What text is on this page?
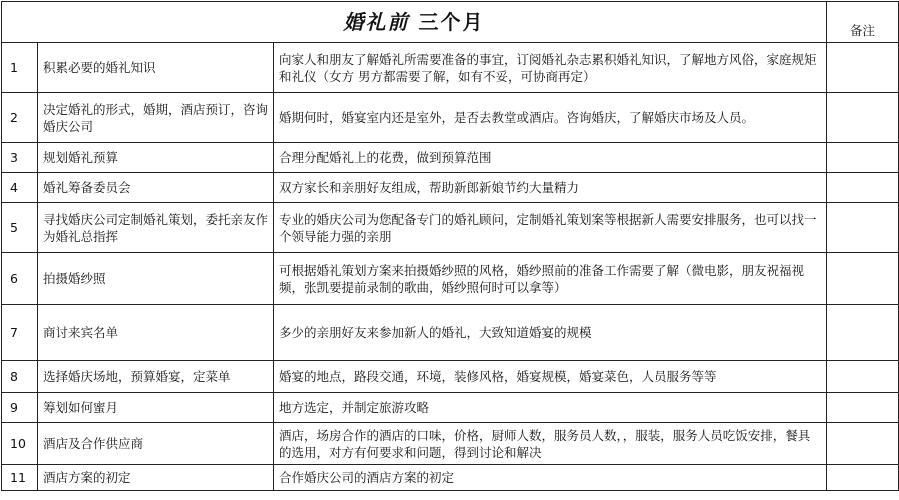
婚礼前 三个月			备注
1	积累必要的婚礼知识	向家人和朋友了解婚礼所需要准备的事宜，订阅婚礼杂志累积婚礼知识，了解地方风俗，家庭规矩和礼仪（女方 男方都需要了解，如有不妥，可协商再定）	
2	决定婚礼的形式，婚期，酒店预订，咨询婚庆公司	婚期何时，婚宴室内还是室外，是否去教堂或酒店。咨询婚庆，了解婚庆市场及人员。	
3	规划婚礼预算	合理分配婚礼上的花费，做到预算范围	
4	婚礼筹备委员会	双方家长和亲朋好友组成，帮助新郎新娘节约大量精力	
5	寻找婚庆公司定制婚礼策划，委托亲友作为婚礼总指挥	专业的婚庆公司为您配备专门的婚礼顾问，定制婚礼策划案等根据新人需要安排服务，也可以找一个领导能力强的亲朋	
6	拍摄婚纱照	可根据婚礼策划方案来拍摄婚纱照的风格，婚纱照前的准备工作需要了解（微电影，朋友祝福视频，张凯要提前录制的歌曲，婚纱照何时可以拿等）	
7	商讨来宾名单	多少的亲朋好友来参加新人的婚礼，大致知道婚宴的规模	
8	选择婚庆场地，预算婚宴，定菜单	婚宴的地点，路段交通，环境，装修风格，婚宴规模，婚宴菜色，人员服务等等	
9	筹划如何蜜月	地方选定，并制定旅游攻略	
10	酒店及合作供应商	酒店，场房合作的酒店的口味，价格，厨师人数，服务员人数，，服装，服务人员吃饭安排，餐具的选用，对方有何要求和问题，得到讨论和解决	
11	酒店方案的初定	合作婚庆公司的酒店方案的初定	
